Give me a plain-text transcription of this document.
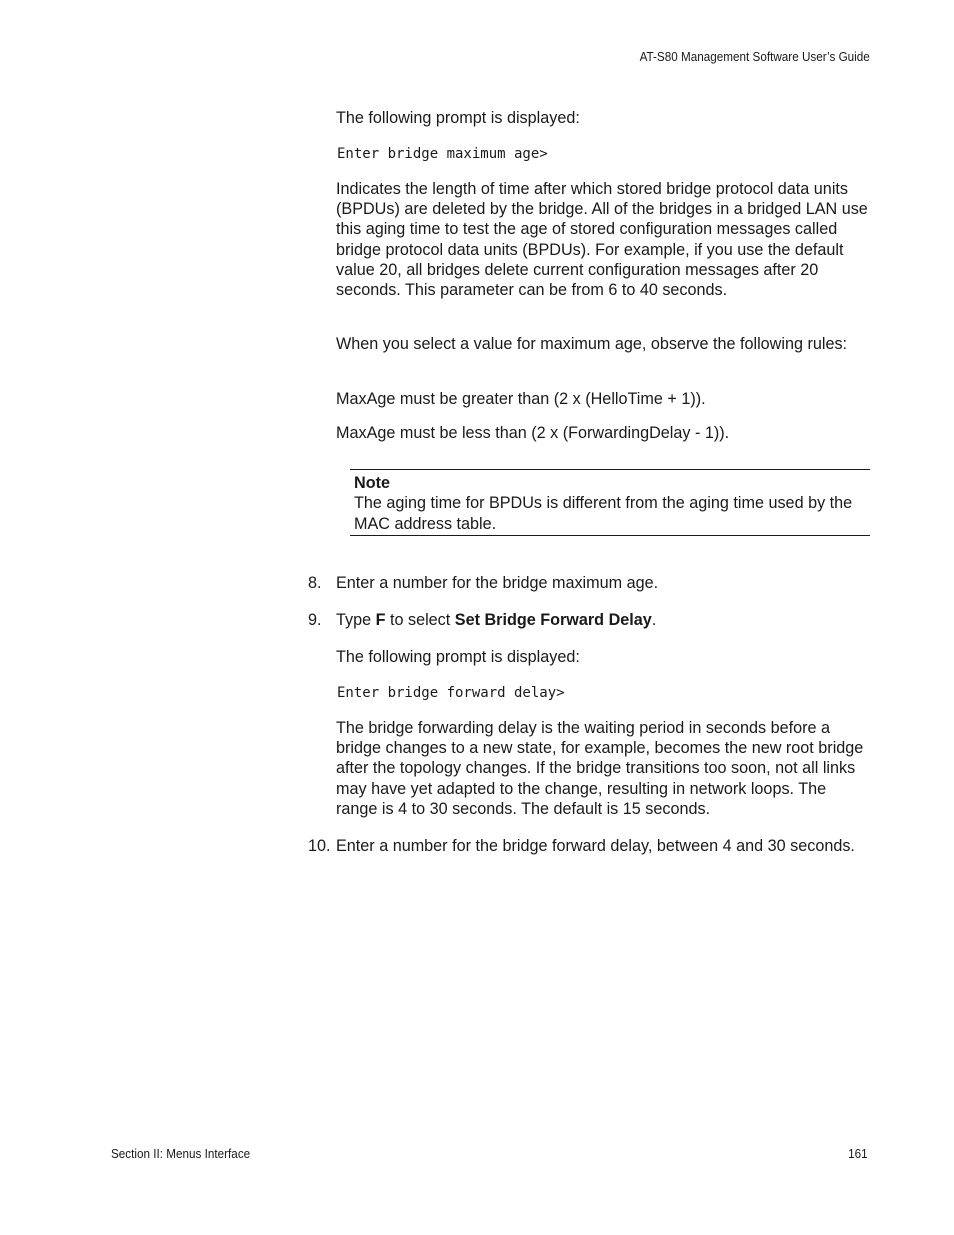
AT-S80 Management Software User’s Guide

The following prompt is displayed:

Enter bridge maximum age>

Indicates the length of time after which stored bridge protocol data units (BPDUs) are deleted by the bridge. All of the bridges in a bridged LAN use this aging time to test the age of stored configuration messages called bridge protocol data units (BPDUs). For example, if you use the default value 20, all bridges delete current configuration messages after 20 seconds. This parameter can be from 6 to 40 seconds.

When you select a value for maximum age, observe the following rules:

MaxAge must be greater than (2 x (HelloTime + 1)).

MaxAge must be less than (2 x (ForwardingDelay - 1)).

Note

The aging time for BPDUs is different from the aging time used by the MAC address table.

8. Enter a number for the bridge maximum age.

9. Type F to select Set Bridge Forward Delay.

The following prompt is displayed:

Enter bridge forward delay>

The bridge forwarding delay is the waiting period in seconds before a bridge changes to a new state, for example, becomes the new root bridge after the topology changes. If the bridge transitions too soon, not all links may have yet adapted to the change, resulting in network loops. The range is 4 to 30 seconds. The default is 15 seconds.

10. Enter a number for the bridge forward delay, between 4 and 30 seconds.

Section II: Menus Interface	161
